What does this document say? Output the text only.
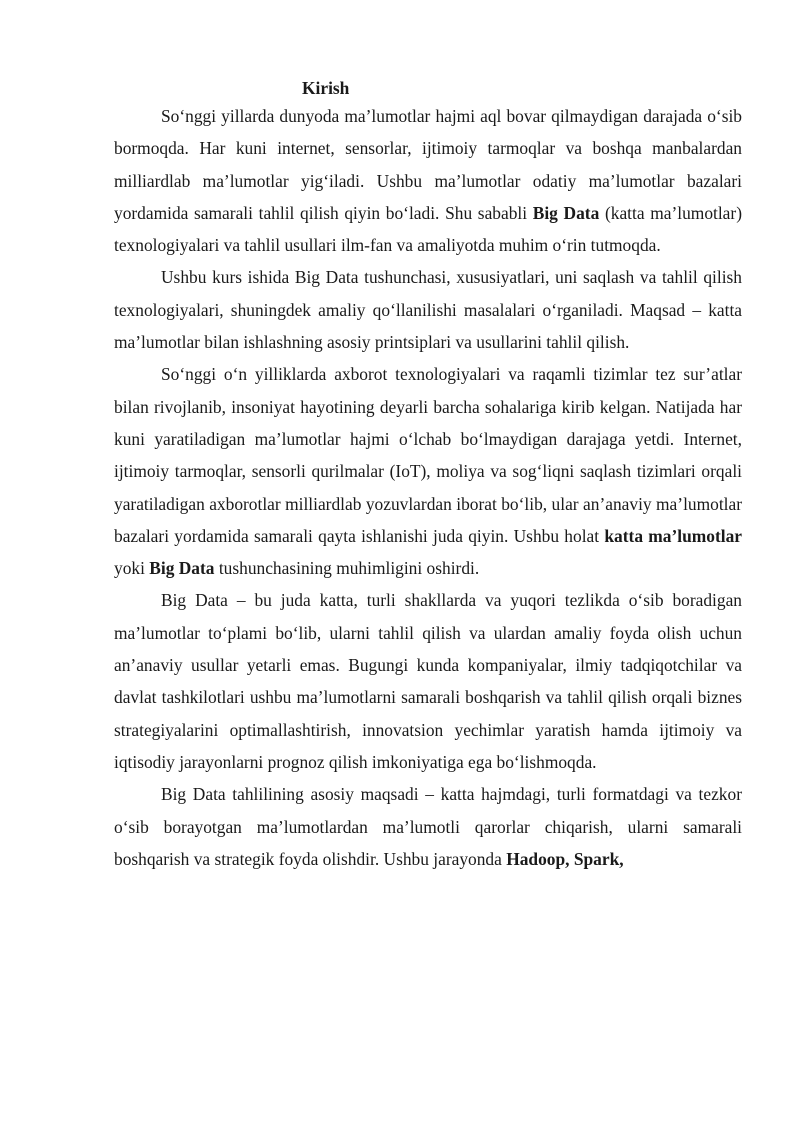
Kirish

So‘nggi yillarda dunyoda ma’lumotlar hajmi aql bovar qilmaydigan darajada o‘sib bormoqda. Har kuni internet, sensorlar, ijtimoiy tarmoqlar va boshqa manbalardan milliardlab ma’lumotlar yig‘iladi. Ushbu ma’lumotlar odatiy ma’lumotlar bazalari yordamida samarali tahlil qilish qiyin bo‘ladi. Shu sababli Big Data (katta ma’lumotlar) texnologiyalari va tahlil usullari ilm-fan va amaliyotda muhim o‘rin tutmoqda.

Ushbu kurs ishida Big Data tushunchasi, xususiyatlari, uni saqlash va tahlil qilish texnologiyalari, shuningdek amaliy qo‘llanilishi masalalari o‘rganiladi. Maqsad – katta ma’lumotlar bilan ishlashning asosiy printsiplari va usullarini tahlil qilish.

So‘nggi o‘n yilliklarda axborot texnologiyalari va raqamli tizimlar tez sur’atlar bilan rivojlanib, insoniyat hayotining deyarli barcha sohalariga kirib kelgan. Natijada har kuni yaratiladigan ma’lumotlar hajmi o‘lchab bo‘lmaydigan darajaga yetdi. Internet, ijtimoiy tarmoqlar, sensorli qurilmalar (IoT), moliya va sog‘liqni saqlash tizimlari orqali yaratiladigan axborotlar milliardlab yozuvlardan iborat bo‘lib, ular an’anaviy ma’lumotlar bazalari yordamida samarali qayta ishlanishi juda qiyin. Ushbu holat katta ma’lumotlar yoki Big Data tushunchasining muhimligini oshirdi.

Big Data – bu juda katta, turli shakllarda va yuqori tezlikda o‘sib boradigan ma’lumotlar to‘plami bo‘lib, ularni tahlil qilish va ulardan amaliy foyda olish uchun an’anaviy usullar yetarli emas. Bugungi kunda kompaniyalar, ilmiy tadqiqotchilar va davlat tashkilotlari ushbu ma’lumotlarni samarali boshqarish va tahlil qilish orqali biznes strategiyalarini optimallashtirish, innovatsion yechimlar yaratish hamda ijtimoiy va iqtisodiy jarayonlarni prognoz qilish imkoniyatiga ega bo‘lishmoqda.

Big Data tahlilining asosiy maqsadi – katta hajmdagi, turli formatdagi va tezkor o‘sib borayotgan ma’lumotlardan ma’lumotli qarorlar chiqarish, ularni samarali boshqarish va strategik foyda olishdir. Ushbu jarayonda Hadoop, Spark,
